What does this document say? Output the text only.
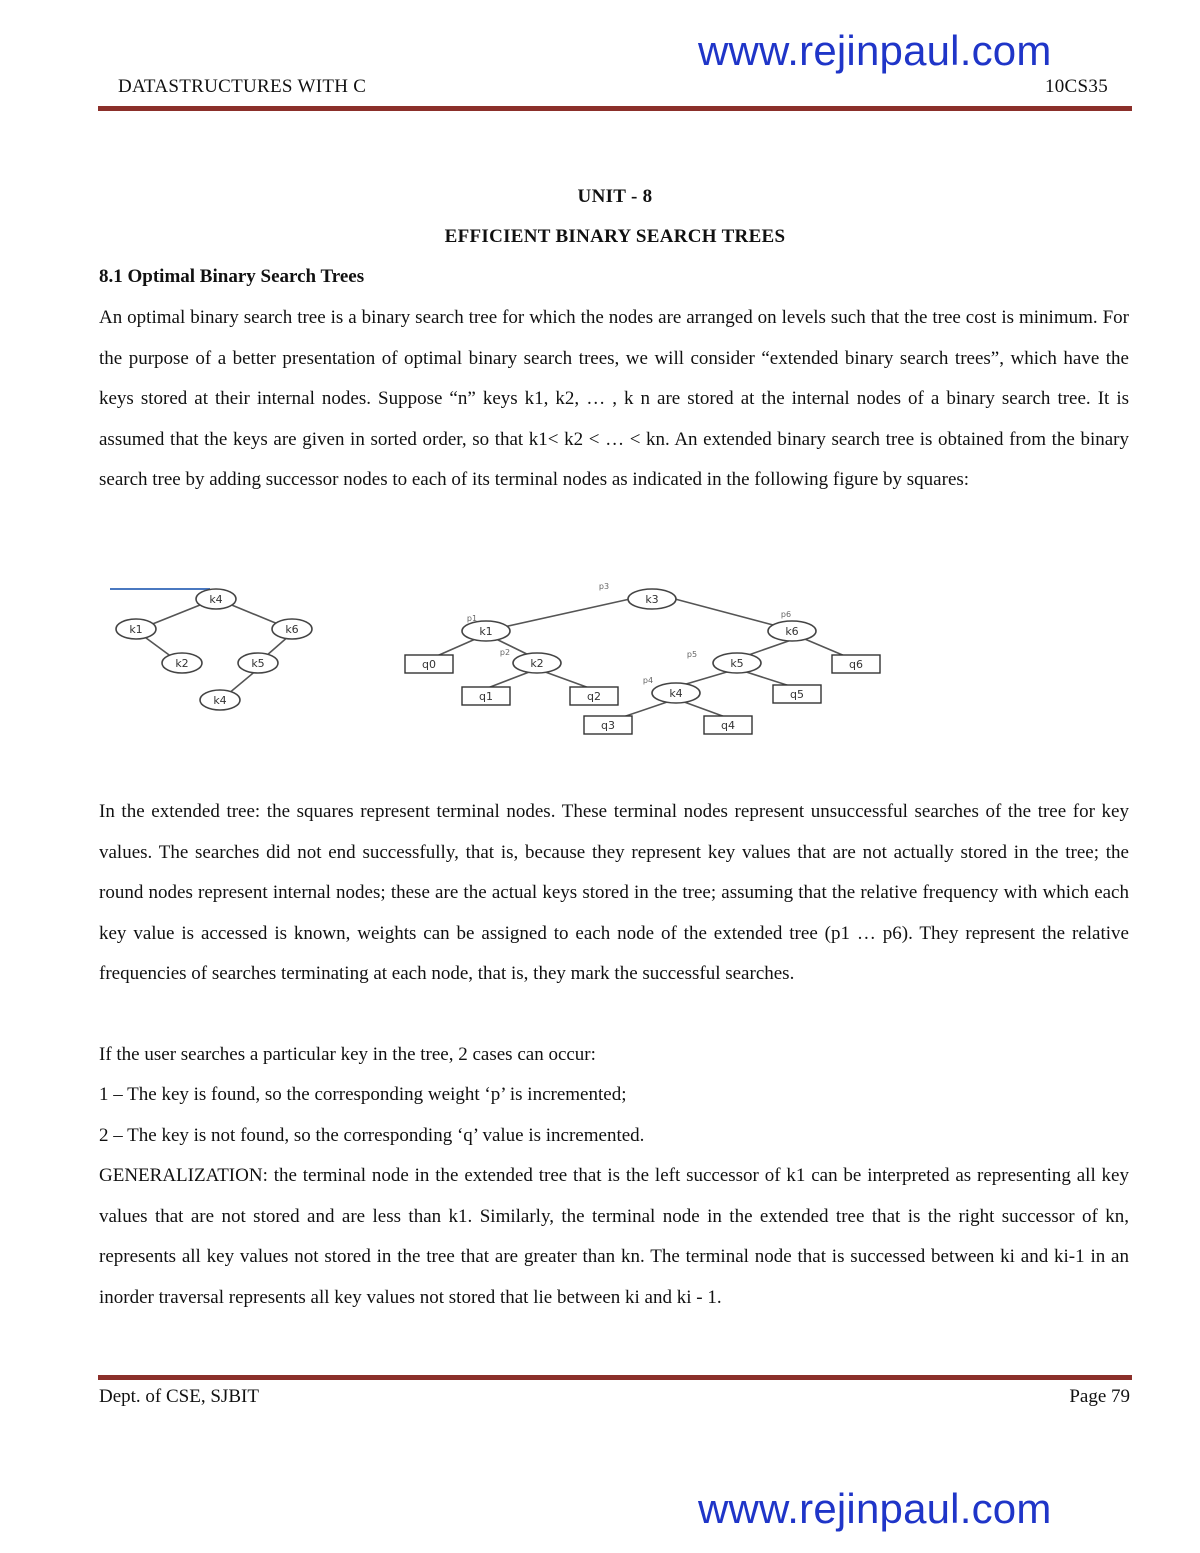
www.rejinpaul.com
DATASTRUCTURES WITH C	10CS35
UNIT - 8
EFFICIENT BINARY SEARCH TREES
8.1 Optimal Binary Search Trees

An optimal binary search tree is a binary search tree for which the nodes are arranged on levels such that the tree cost is minimum. For the purpose of a better presentation of optimal binary search trees, we will consider “extended binary search trees”, which have the keys stored at their internal nodes. Suppose “n” keys k1, k2, … , k n are stored at the internal nodes of a binary search tree. It is assumed that the keys are given in sorted order, so that k1< k2 < … < kn. An extended binary search tree is obtained from the binary search tree by adding successor nodes to each of its terminal nodes as indicated in the following figure by squares:

k4
k1	k6
k2	k5
k4
k3
k1	k6
k2	k5
k4
q0
q1	q2
q6
q5
q3	q4
p3
p1	p6
p2	p5
p4

In the extended tree: the squares represent terminal nodes. These terminal nodes represent unsuccessful searches of the tree for key values. The searches did not end successfully, that is, because they represent key values that are not actually stored in the tree; the round nodes represent internal nodes; these are the actual keys stored in the tree; assuming that the relative frequency with which each key value is accessed is known, weights can be assigned to each node of the extended tree (p1 … p6). They represent the relative frequencies of searches terminating at each node, that is, they mark the successful searches.

If the user searches a particular key in the tree, 2 cases can occur:
1 – The key is found, so the corresponding weight ‘p’ is incremented;
2 – The key is not found, so the corresponding ‘q’ value is incremented.

GENERALIZATION: the terminal node in the extended tree that is the left successor of k1 can be interpreted as representing all key values that are not stored and are less than k1. Similarly, the terminal node in the extended tree that is the right successor of kn, represents all key values not stored in the tree that are greater than kn. The terminal node that is successed between ki and ki-1 in an inorder traversal represents all key values not stored that lie between ki and ki - 1.

Dept. of CSE, SJBIT	Page 79
www.rejinpaul.com
